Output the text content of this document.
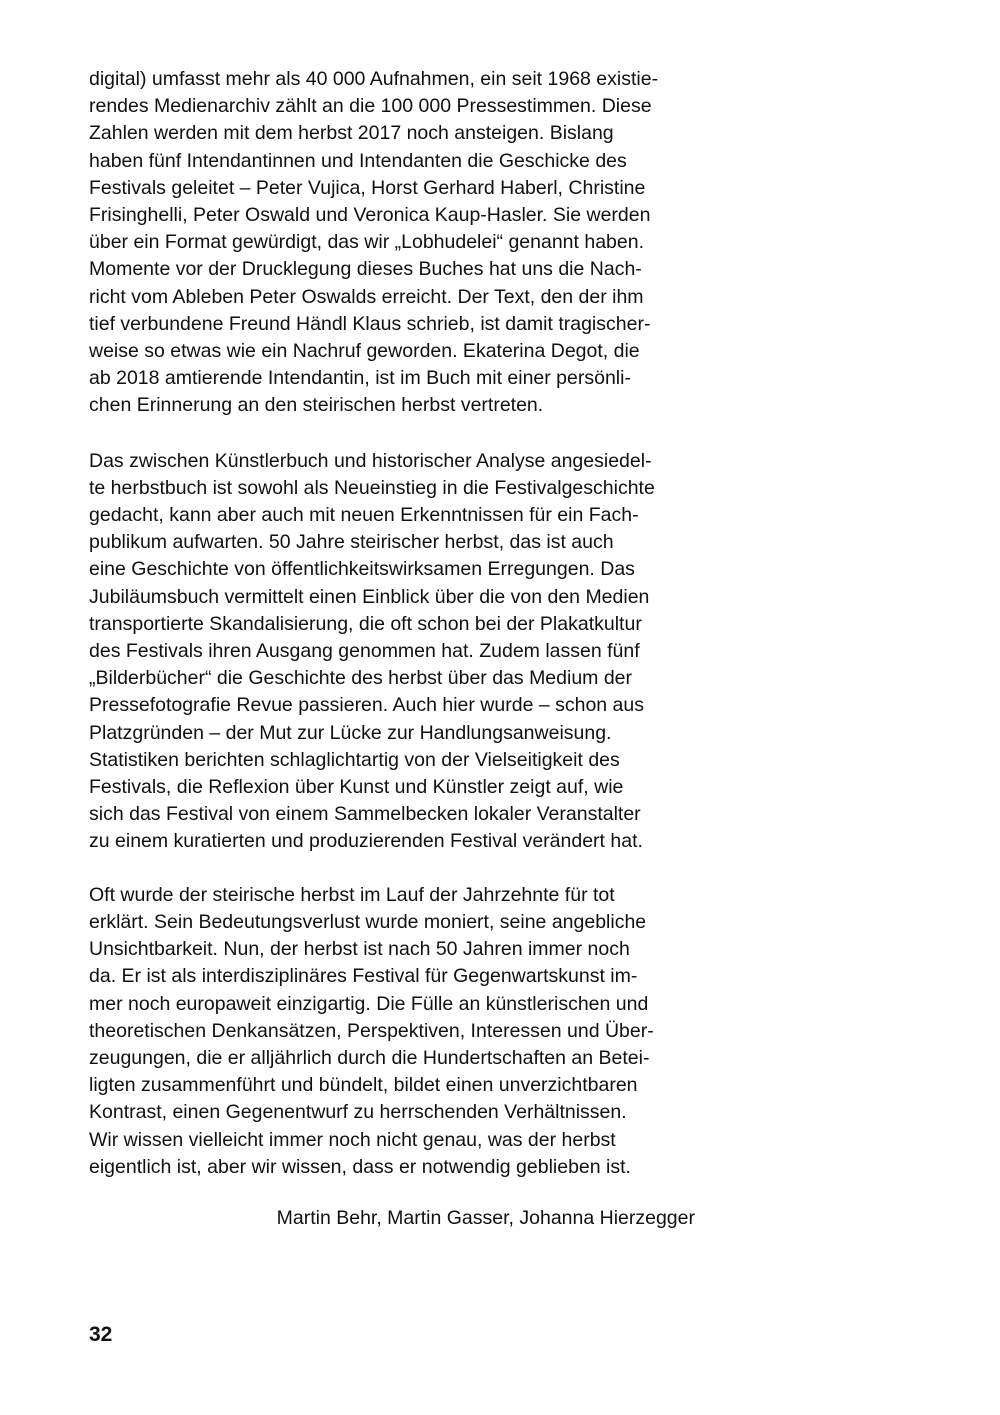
digital) umfasst mehr als 40 000 Aufnahmen, ein seit 1968 existie-
rendes Medienarchiv zählt an die 100 000 Pressestimmen. Diese
Zahlen werden mit dem herbst 2017 noch ansteigen. Bislang
haben fünf Intendantinnen und Intendanten die Geschicke des
Festivals geleitet – Peter Vujica, Horst Gerhard Haberl, Christine
Frisinghelli, Peter Oswald und Veronica Kaup-Hasler. Sie werden
über ein Format gewürdigt, das wir „Lobhudelei“ genannt haben.
Momente vor der Drucklegung dieses Buches hat uns die Nach-
richt vom Ableben Peter Oswalds erreicht. Der Text, den der ihm
tief verbundene Freund Händl Klaus schrieb, ist damit tragischer-
weise so etwas wie ein Nachruf geworden. Ekaterina Degot, die
ab 2018 amtierende Intendantin, ist im Buch mit einer persönli-
chen Erinnerung an den steirischen herbst vertreten.

Das zwischen Künstlerbuch und historischer Analyse angesiedel-
te herbstbuch ist sowohl als Neueinstieg in die Festivalgeschichte
gedacht, kann aber auch mit neuen Erkenntnissen für ein Fach-
publikum aufwarten. 50 Jahre steirischer herbst, das ist auch
eine Geschichte von öffentlichkeitswirksamen Erregungen. Das
Jubiläumsbuch vermittelt einen Einblick über die von den Medien
transportierte Skandalisierung, die oft schon bei der Plakatkultur
des Festivals ihren Ausgang genommen hat. Zudem lassen fünf
„Bilderbücher“ die Geschichte des herbst über das Medium der
Pressefotografie Revue passieren. Auch hier wurde – schon aus
Platzgründen – der Mut zur Lücke zur Handlungsanweisung.
Statistiken berichten schlaglichtartig von der Vielseitigkeit des
Festivals, die Reflexion über Kunst und Künstler zeigt auf, wie
sich das Festival von einem Sammelbecken lokaler Veranstalter
zu einem kuratierten und produzierenden Festival verändert hat.

Oft wurde der steirische herbst im Lauf der Jahrzehnte für tot
erklärt. Sein Bedeutungsverlust wurde moniert, seine angebliche
Unsichtbarkeit. Nun, der herbst ist nach 50 Jahren immer noch
da. Er ist als interdisziplinäres Festival für Gegenwartskunst im-
mer noch europaweit einzigartig. Die Fülle an künstlerischen und
theoretischen Denkansätzen, Perspektiven, Interessen und Über-
zeugungen, die er alljährlich durch die Hundertschaften an Betei-
ligten zusammenführt und bündelt, bildet einen unverzichtbaren
Kontrast, einen Gegenentwurf zu herrschenden Verhältnissen.
Wir wissen vielleicht immer noch nicht genau, was der herbst
eigentlich ist, aber wir wissen, dass er notwendig geblieben ist.

Martin Behr, Martin Gasser, Johanna Hierzegger
32
